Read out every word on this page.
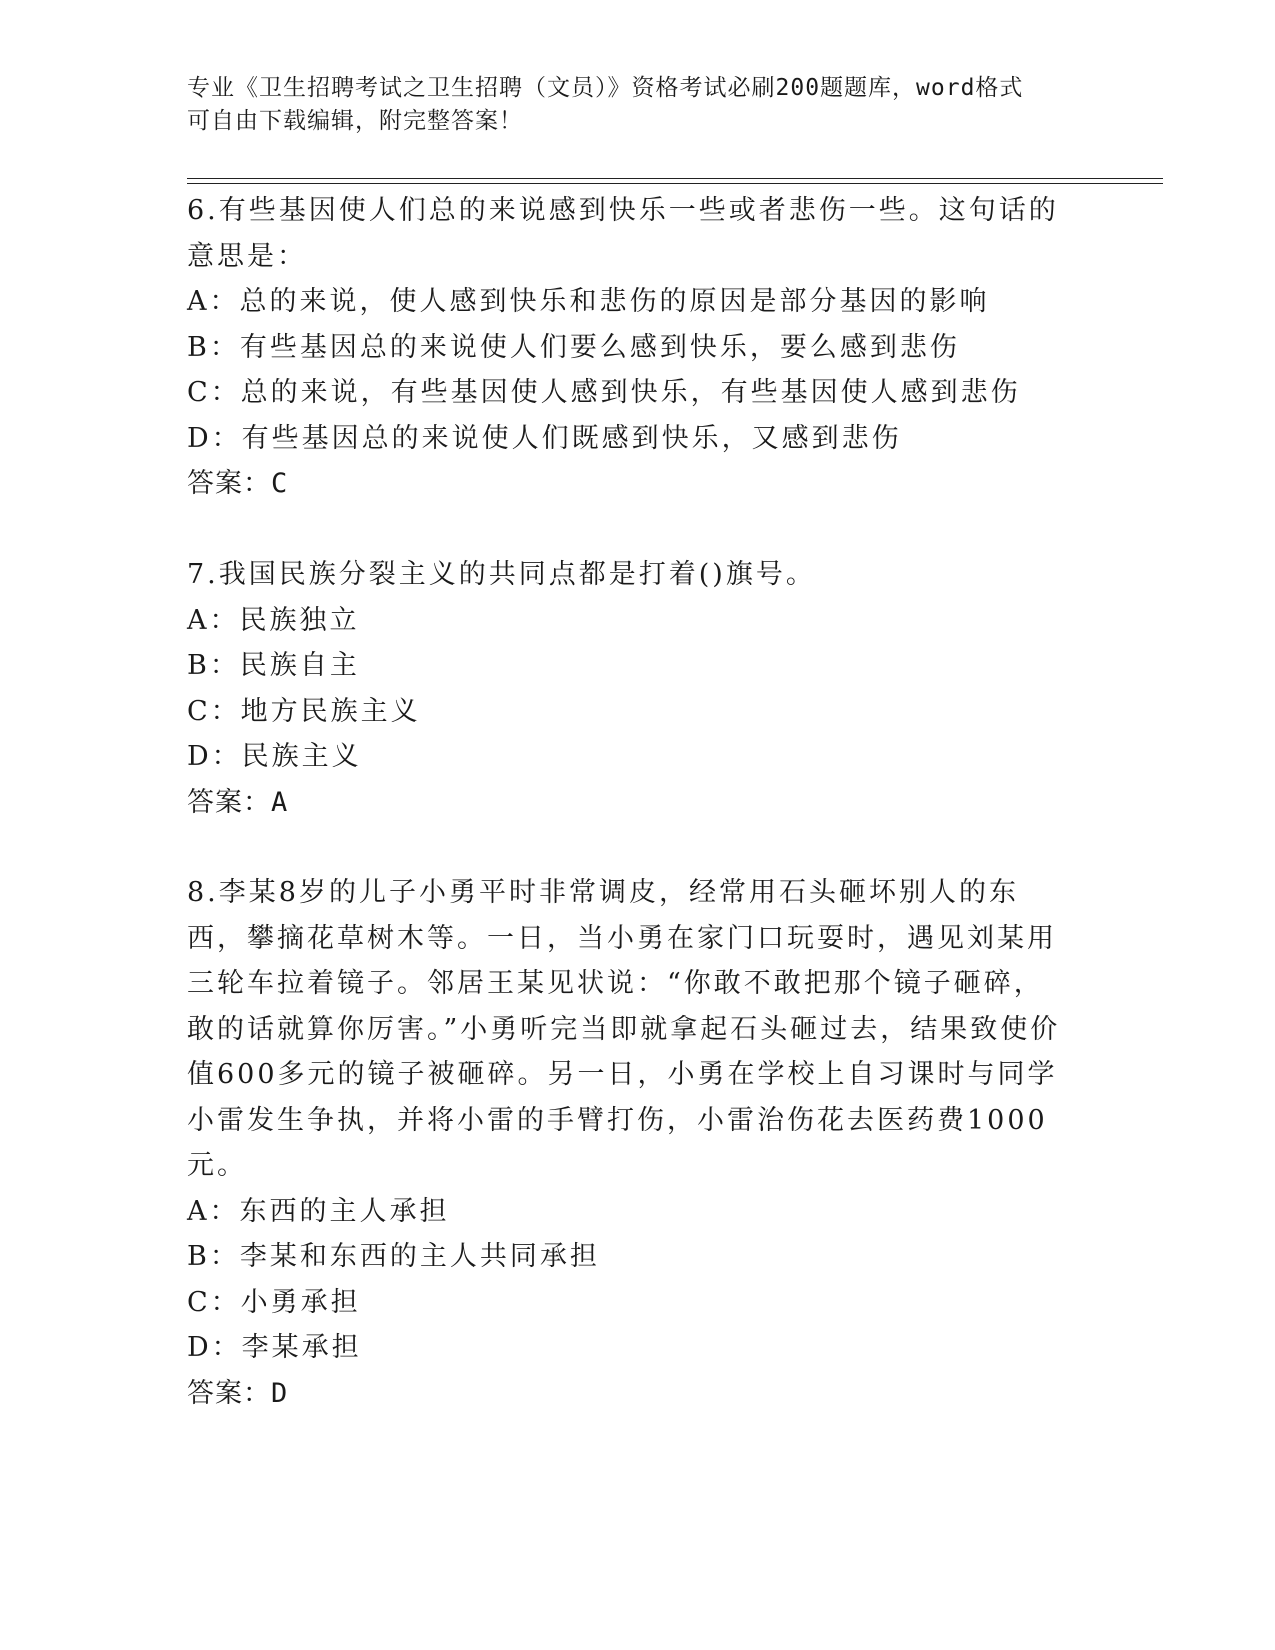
专业《卫生招聘考试之卫生招聘（文员）》资格考试必刷200题题库，word格式

可自由下载编辑，附完整答案！

6.有些基因使人们总的来说感到快乐一些或者悲伤一些。这句话的意思是：

A：总的来说，使人感到快乐和悲伤的原因是部分基因的影响
B：有些基因总的来说使人们要么感到快乐，要么感到悲伤
C：总的来说，有些基因使人感到快乐，有些基因使人感到悲伤
D：有些基因总的来说使人们既感到快乐，又感到悲伤

答案：C

7.我国民族分裂主义的共同点都是打着()旗号。

A：民族独立
B：民族自主
C：地方民族主义
D：民族主义

答案：A

8.李某8岁的儿子小勇平时非常调皮，经常用石头砸坏别人的东西，攀摘花草树木等。一日，当小勇在家门口玩耍时，遇见刘某用三轮车拉着镜子。邻居王某见状说：“你敢不敢把那个镜子砸碎，敢的话就算你厉害。”小勇听完当即就拿起石头砸过去，结果致使价值600多元的镜子被砸碎。另一日，小勇在学校上自习课时与同学小雷发生争执，并将小雷的手臂打伤，小雷治伤花去医药费1000元。

A：东西的主人承担
B：李某和东西的主人共同承担
C：小勇承担
D：李某承担

答案：D
